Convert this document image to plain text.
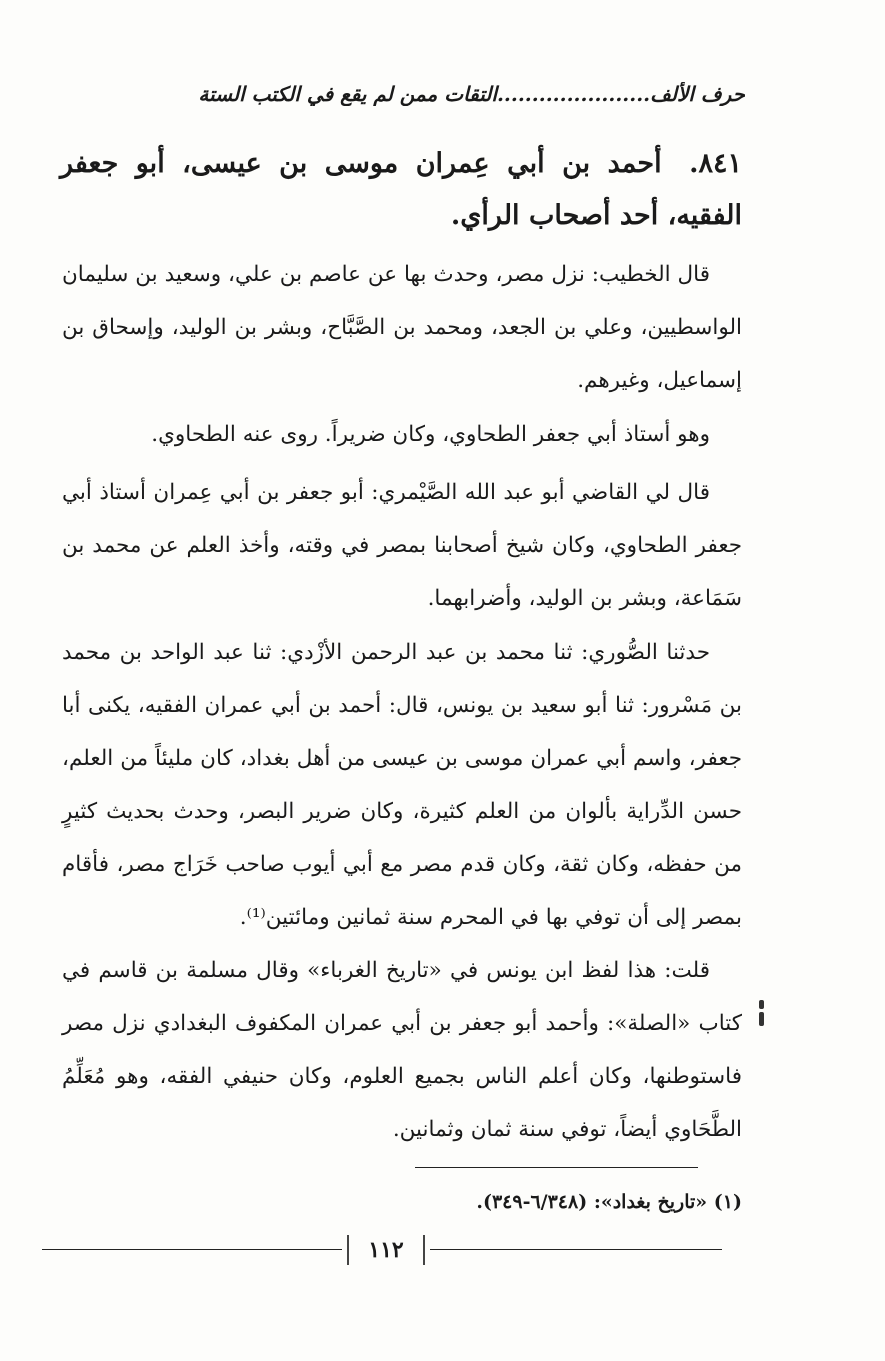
حرف الألف......................التقات ممن لم يقع في الكتب الستة
٨٤١. أحمد بن أبي عِمران موسى بن عيسى، أبو جعفر الفقيه، أحد أصحاب الرأي.
قال الخطيب: نزل مصر، وحدث بها عن عاصم بن علي، وسعيد بن سليمان الواسطيين، وعلي بن الجعد، ومحمد بن الصَّبَّاح، وبشر بن الوليد، وإسحاق بن إسماعيل، وغيرهم.
وهو أستاذ أبي جعفر الطحاوي، وكان ضريراً. روى عنه الطحاوي.
قال لي القاضي أبو عبد الله الصَّيْمري: أبو جعفر بن أبي عِمران أستاذ أبي جعفر الطحاوي، وكان شيخ أصحابنا بمصر في وقته، وأخذ العلم عن محمد بن سَمَاعة، وبشر بن الوليد، وأضرابهما.
حدثنا الصُّوري: ثنا محمد بن عبد الرحمن الأزْدي: ثنا عبد الواحد بن محمد بن مَسْرور: ثنا أبو سعيد بن يونس، قال: أحمد بن أبي عمران الفقيه، يكنى أبا جعفر، واسم أبي عمران موسى بن عيسى من أهل بغداد، كان مليئاً من العلم، حسن الدِّراية بألوان من العلم كثيرة، وكان ضرير البصر، وحدث بحديث كثيرٍ من حفظه، وكان ثقة، وكان قدم مصر مع أبي أيوب صاحب خَرَاج مصر، فأقام بمصر إلى أن توفي بها في المحرم سنة ثمانين ومائتين⁽¹⁾.
قلت: هذا لفظ ابن يونس في «تاريخ الغرباء» وقال مسلمة بن قاسم في كتاب «الصلة»: وأحمد أبو جعفر بن أبي عمران المكفوف البغدادي نزل مصر فاستوطنها، وكان أعلم الناس بجميع العلوم، وكان حنيفي الفقه، وهو مُعَلِّمُ الطَّحَاوي أيضاً، توفي سنة ثمان وثمانين.
(١) «تاريخ بغداد»: (٦/٣٤٨-٣٤٩).
١١٢
